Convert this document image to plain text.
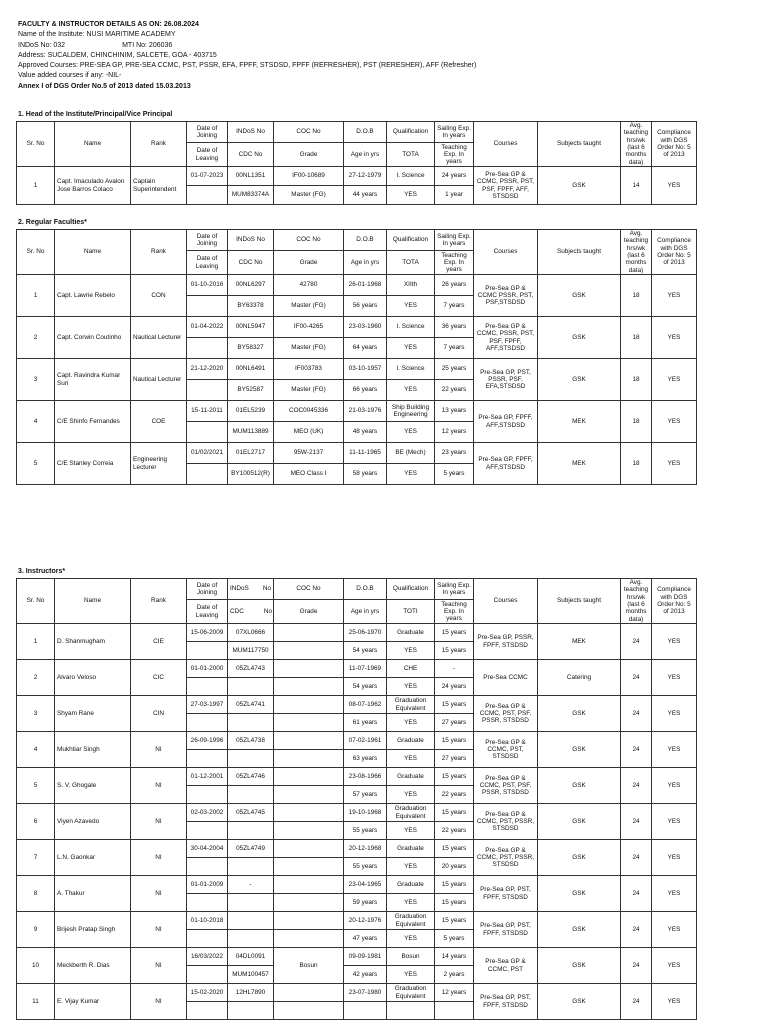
FACULTY & INSTRUCTOR DETAILS AS ON: 26.08.2024
Name of the Institute: NUSI MARITIME ACADEMY
INDoS No: 032	MTI No: 206036
Address: SUCALDEM, CHINCHINIM, SALCETE, GOA - 403715
Approved Courses: PRE-SEA GP, PRE-SEA CCMC, PST, PSSR, EFA, FPFF, STSDSD, FPFF (REFRESHER), PST (RERESHER), AFF (Refresher)
Value added courses if any: -NIL-
Annex I of DGS Order No.5 of 2013 dated 15.03.2013
1. Head of the Institute/Principal/Vice Principal
Sr. No	Name	Rank	Date of Joining	INDoS No	COC No	D.O.B	Qualification	Sailing Exp. In years	Courses	Subjects taught	Avg. teaching hrs/wk (last 6 months data)	Compliance with DGS Order No: 5 of 2013
			Date of Leaving	CDC No	Grade	Age in yrs	TOTA	Teaching Exp. In years				
1	Capt. Imaculado Avalon Jose Barros Colaco	Captain Superintendent	01-07-2023	00NL1351	IF00-10689	27-12-1979	I. Science	24 years	Pre-Sea GP & CCMC, PSSR, PST, PSF, FPFF, AFF, STSDSD	GSK	14	YES
				MUM83374A	Master (FG)	44 years	YES	1 year				
2. Regular Faculties*
Sr. No	Name	Rank	Date of Joining	INDoS No	COC No	D.O.B	Qualification	Sailing Exp. In years	Courses	Subjects taught	Avg. teaching hrs/wk (last 6 months data)	Compliance with DGS Order No: 5 of 2013
			Date of Leaving	CDC No	Grade	Age in yrs	TOTA	Teaching Exp. In years				
1	Capt. Lawrie Rebelo	CON	01-10-2016	00NL6297	42780	26-01-1968	XIIth	26 years	Pre-Sea GP & CCMC PSSR, PST, PSF,STSDSD	GSK	18	YES
				BY63378	Master (FG)	56 years	YES	7 years				
2	Capt. Corwin Coutinho	Nautical Lecturer	01-04-2022	00NL5947	IF00-4265	23-03-1960	I. Science	36 years	Pre-Sea GP & CCMC, PSSR, PST, PSF, FPFF, AFF,STSDSD	GSK	18	YES
				BY58327	Master (FG)	64 years	YES	7 years				
3	Capt. Ravindra Kumar Suri	Nautical Lecturer	21-12-2020	00NL6491	IF003783	03-10-1957	I. Science	25 years	Pre-Sea GP, PST, PSSR, PSF, EFA,STSDSD	GSK	18	YES
				BY52587	Master (FG)	66 years	YES	22 years				
4	C/E Shinfo Fernandes	COE	15-11-2011	01EL5239	COC0045336	21-03-1976	Ship Building Engineering	13 years	Pre-Sea GP, FPFF, AFF,STSDSD	MEK	18	YES
				MUM113889	MEO (UK)	48 years	YES	12 years				
5	C/E Stanley Correia	Engineering Lecturer	01/02/2021	01EL2717	95W-2137	11-11-1965	BE (Mech)	23 years	Pre-Sea GP, FPFF, AFF,STSDSD	MEK	18	YES
				BY100512(R)	MEO Class I	58 years	YES	5 years				
3. Instructors*
Sr. No	Name	Rank	Date of Joining	INDoS No	COC No	D.O.B	Qualification	Sailing Exp. In years	Courses	Subjects taught	Avg. teaching hrs/wk (last 6 months data)	Compliance with DGS Order No: 5 of 2013
			Date of Leaving	CDC No	Grade	Age in yrs	TOTI	Teaching Exp. In years				
1	D. Shanmugham	CIE	15-06-2009	07XL0666		25-06-1970	Graduate	15 years	Pre-Sea GP, PSSR, FPFF, STSDSD	MEK	24	YES
				MUM117750		54 years	YES	15 years				
2	Alvaro Veloso	CIC	01-01-2000	05ZL4743		11-07-1969	CHE	-	Pre-Sea CCMC	Catering	24	YES
						54 years	YES	24 years				
3	Shyam Rane	CIN	27-03-1997	05ZL4741		08-07-1962	Graduation Equivalent	15 years	Pre-Sea GP & CCMC, PST, PSF, PSSR, STSDSD	GSK	24	YES
						61 years	YES	27 years				
4	Mukhtiar Singh	NI	26-09-1996	05ZL4738		07-02-1961	Graduate	15 years	Pre-Sea GP & CCMC, PST, STSDSD	GSK	24	YES
						63 years	YES	27 years				
5	S. V. Ghogale	NI	01-12-2001	05ZL4746		23-08-1966	Graduate	15 years	Pre-Sea GP & CCMC, PST, PSF, PSSR, STSDSD	GSK	24	YES
						57 years	YES	22 years				
6	Viyen Azavedo	NI	02-03-2002	05ZL4745		19-10-1968	Graduation Equivalent	15 years	Pre-Sea GP & CCMC, PST, PSSR, STSDSD	GSK	24	YES
						55 years	YES	22 years				
7	L.N. Gaonkar	NI	30-04-2004	05ZL4749		20-12-1968	Graduate	15 years	Pre-Sea GP & CCMC, PST, PSSR, STSDSD	GSK	24	YES
						55 years	YES	20 years				
8	A. Thakur	NI	01-01-2009	-		23-04-1965	Graduate	15 years	Pre-Sea GP, PST, FPFF, STSDSD	GSK	24	YES
						59 years	YES	15 years				
9	Brijesh Pratap Singh	NI	01-10-2018			20-12-1976	Graduation Equivalent	15 years	Pre-Sea GP, PST, FPFF, STSDSD	GSK	24	YES
						47 years	YES	5 years				
10	Meckberth R. Dias	NI	16/03/2022	04DL0091	Bosun	09-09-1981	Bosun	14 years	Pre-Sea GP & CCMC, PST	GSK	24	YES
				MUM100457		42 years	YES	2 years				
11	E. Vijay Kumar	NI	15-02-2020	12HL7890		23-07-1980	Graduation Equivalent	12 years	Pre-Sea GP, PST, FPFF, STSDSD	GSK	24	YES
